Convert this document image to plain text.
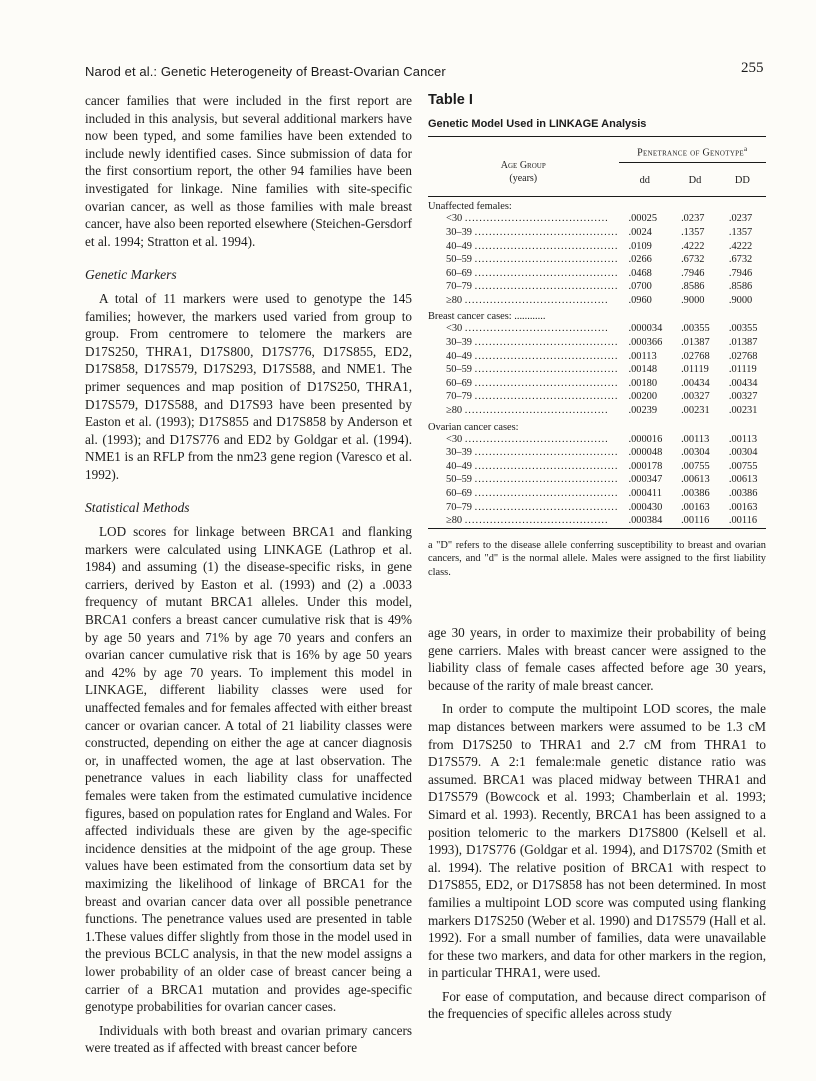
Narod et al.: Genetic Heterogeneity of Breast-Ovarian Cancer	255

cancer families that were included in the first report are included in this analysis, but several additional markers have now been typed, and some families have been extended to include newly identified cases. Since submission of data for the first consortium report, the other 94 families have been investigated for linkage. Nine families with site-specific ovarian cancer, as well as those families with male breast cancer, have also been reported elsewhere (Steichen-Gersdorf et al. 1994; Stratton et al. 1994).

Genetic Markers

A total of 11 markers were used to genotype the 145 families; however, the markers used varied from group to group. From centromere to telomere the markers are D17S250, THRA1, D17S800, D17S776, D17S855, ED2, D17S858, D17S579, D17S293, D17S588, and NME1. The primer sequences and map position of D17S250, THRA1, D17S579, D17S588, and D17S93 have been presented by Easton et al. (1993); D17S855 and D17S858 by Anderson et al. (1993); and D17S776 and ED2 by Goldgar et al. (1994). NME1 is an RFLP from the nm23 gene region (Varesco et al. 1992).

Statistical Methods

LOD scores for linkage between BRCA1 and flanking markers were calculated using LINKAGE (Lathrop et al. 1984) and assuming (1) the disease-specific risks, in gene carriers, derived by Easton et al. (1993) and (2) a .0033 frequency of mutant BRCA1 alleles. Under this model, BRCA1 confers a breast cancer cumulative risk that is 49% by age 50 years and 71% by age 70 years and confers an ovarian cancer cumulative risk that is 16% by age 50 years and 42% by age 70 years. To implement this model in LINKAGE, different liability classes were used for unaffected females and for females affected with either breast cancer or ovarian cancer. A total of 21 liability classes were constructed, depending on either the age at cancer diagnosis or, in unaffected women, the age at last observation. The penetrance values in each liability class for unaffected females were taken from the estimated cumulative incidence figures, based on population rates for England and Wales. For affected individuals these are given by the age-specific incidence densities at the midpoint of the age group. These values have been estimated from the consortium data set by maximizing the likelihood of linkage of BRCA1 for the breast and ovarian cancer data over all possible penetrance functions. The penetrance values used are presented in table 1.These values differ slightly from those in the model used in the previous BCLC analysis, in that the new model assigns a lower probability of an older case of breast cancer being a carrier of a BRCA1 mutation and provides age-specific genotype probabilities for ovarian cancer cases.

Individuals with both breast and ovarian primary cancers were treated as if affected with breast cancer before

Table I
Genetic Model Used in LINKAGE Analysis
Age Group
(years)	Penetrance of Genotype$^a$
	dd	Dd	DD
Unaffected females:			
<30 ........................................	.00025	.0237	.0237
30–39 ........................................	.0024	.1357	.1357
40–49 ........................................	.0109	.4222	.4222
50–59 ........................................	.0266	.6732	.6732
60–69 ........................................	.0468	.7946	.7946
70–79 ........................................	.0700	.8586	.8586
≥80 ........................................	.0960	.9000	.9000
Breast cancer cases: ............			
<30 ........................................	.000034	.00355	.00355
30–39 ........................................	.000366	.01387	.01387
40–49 ........................................	.00113	.02768	.02768
50–59 ........................................	.00148	.01119	.01119
60–69 ........................................	.00180	.00434	.00434
70–79 ........................................	.00200	.00327	.00327
≥80 ........................................	.00239	.00231	.00231
Ovarian cancer cases:			
<30 ........................................	.000016	.00113	.00113
30–39 ........................................	.000048	.00304	.00304
40–49 ........................................	.000178	.00755	.00755
50–59 ........................................	.000347	.00613	.00613
60–69 ........................................	.000411	.00386	.00386
70–79 ........................................	.000430	.00163	.00163
≥80 ........................................	.000384	.00116	.00116

a "D" refers to the disease allele conferring susceptibility to breast and ovarian cancers, and "d" is the normal allele. Males were assigned to the first liability class.

age 30 years, in order to maximize their probability of being gene carriers. Males with breast cancer were assigned to the liability class of female cases affected before age 30 years, because of the rarity of male breast cancer.

In order to compute the multipoint LOD scores, the male map distances between markers were assumed to be 1.3 cM from D17S250 to THRA1 and 2.7 cM from THRA1 to D17S579. A 2:1 female:male genetic distance ratio was assumed. BRCA1 was placed midway between THRA1 and D17S579 (Bowcock et al. 1993; Chamberlain et al. 1993; Simard et al. 1993). Recently, BRCA1 has been assigned to a position telomeric to the markers D17S800 (Kelsell et al. 1993), D17S776 (Goldgar et al. 1994), and D17S702 (Smith et al. 1994). The relative position of BRCA1 with respect to D17S855, ED2, or D17S858 has not been determined. In most families a multipoint LOD score was computed using flanking markers D17S250 (Weber et al. 1990) and D17S579 (Hall et al. 1992). For a small number of families, data were unavailable for these two markers, and data for other markers in the region, in particular THRA1, were used.

For ease of computation, and because direct comparison of the frequencies of specific alleles across study
